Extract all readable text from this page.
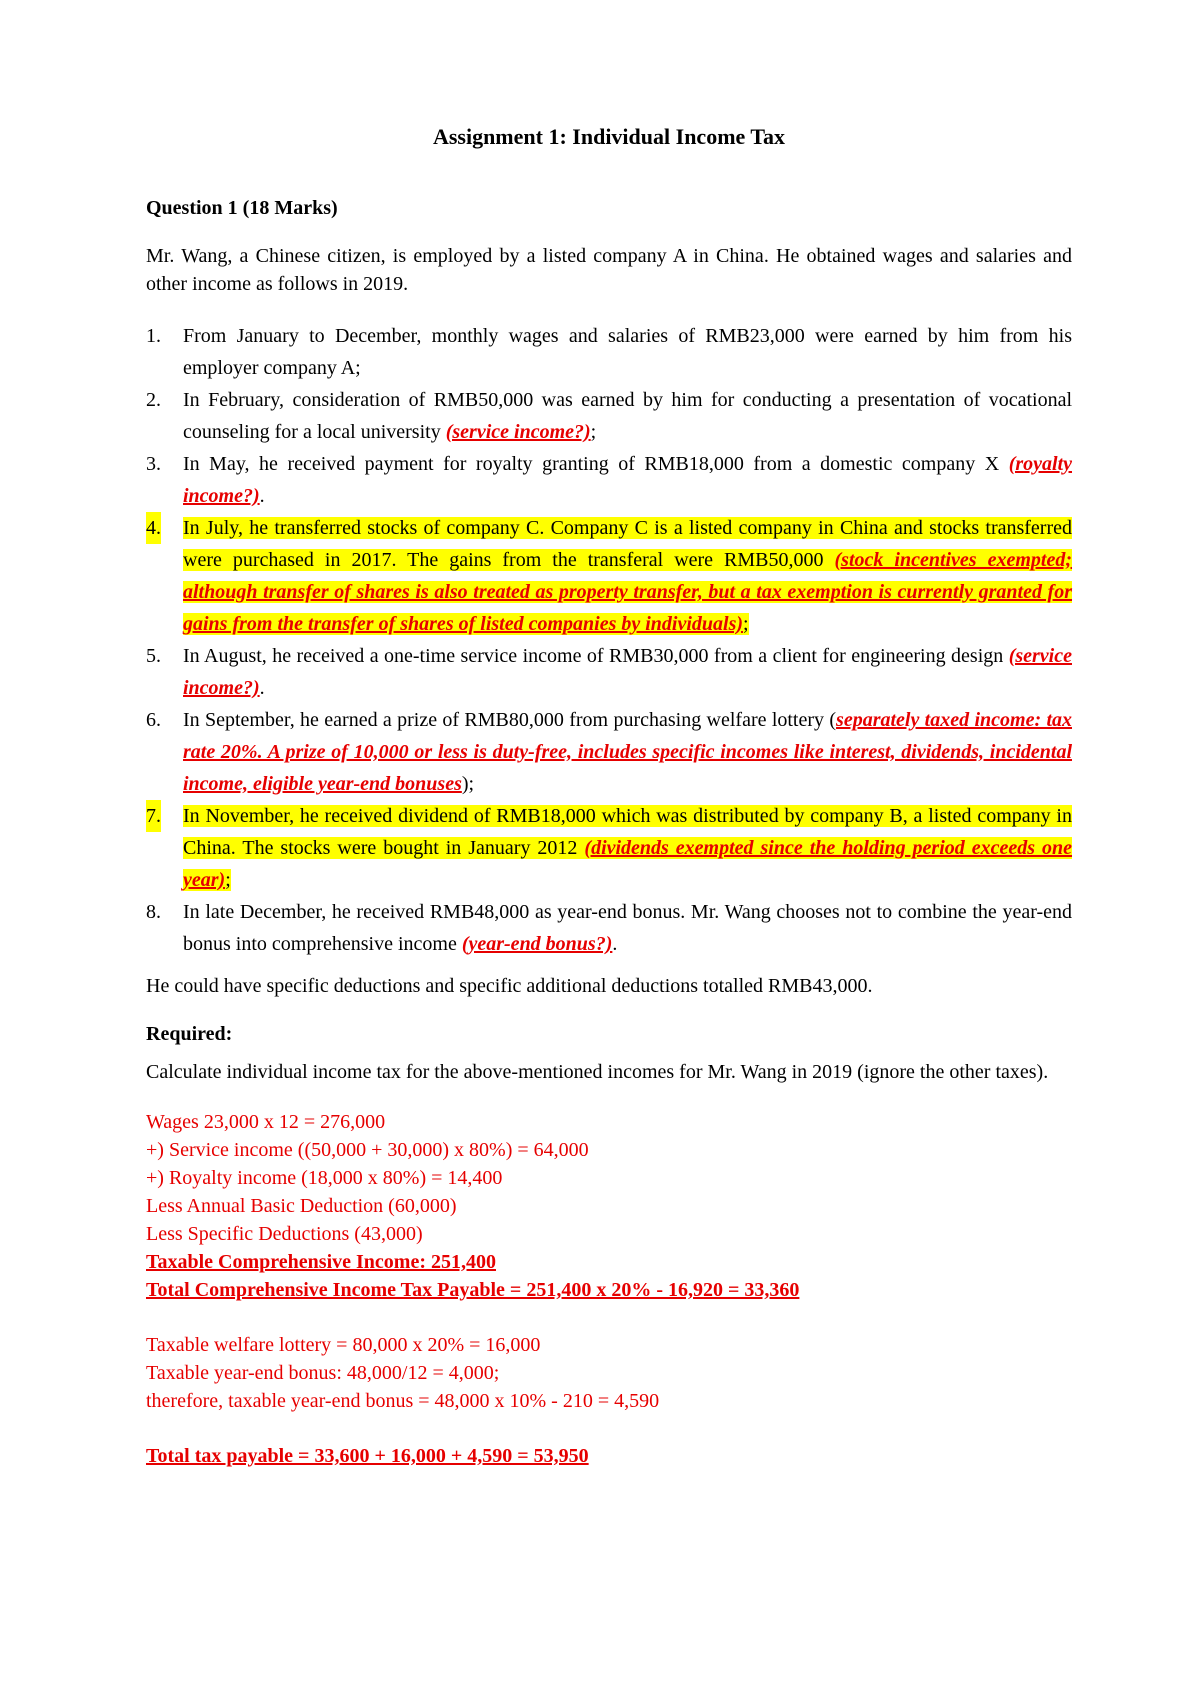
Assignment 1: Individual Income Tax

Question 1 (18 Marks)

Mr. Wang, a Chinese citizen, is employed by a listed company A in China. He obtained wages and salaries and other income as follows in 2019.

1. From January to December, monthly wages and salaries of RMB23,000 were earned by him from his employer company A;
2. In February, consideration of RMB50,000 was earned by him for conducting a presentation of vocational counseling for a local university (service income?);
3. In May, he received payment for royalty granting of RMB18,000 from a domestic company X (royalty income?).
4. In July, he transferred stocks of company C. Company C is a listed company in China and stocks transferred were purchased in 2017. The gains from the transferal were RMB50,000 (stock incentives exempted; although transfer of shares is also treated as property transfer, but a tax exemption is currently granted for gains from the transfer of shares of listed companies by individuals);
5. In August, he received a one-time service income of RMB30,000 from a client for engineering design (service income?).
6. In September, he earned a prize of RMB80,000 from purchasing welfare lottery (separately taxed income: tax rate 20%. A prize of 10,000 or less is duty-free, includes specific incomes like interest, dividends, incidental income, eligible year-end bonuses);
7. In November, he received dividend of RMB18,000 which was distributed by company B, a listed company in China. The stocks were bought in January 2012 (dividends exempted since the holding period exceeds one year);
8. In late December, he received RMB48,000 as year-end bonus. Mr. Wang chooses not to combine the year-end bonus into comprehensive income (year-end bonus?).

He could have specific deductions and specific additional deductions totalled RMB43,000.

Required:

Calculate individual income tax for the above-mentioned incomes for Mr. Wang in 2019 (ignore the other taxes).

Wages 23,000 x 12 = 276,000
+) Service income ((50,000 + 30,000) x 80%) = 64,000
+) Royalty income (18,000 x 80%) = 14,400
Less Annual Basic Deduction (60,000)
Less Specific Deductions (43,000)
Taxable Comprehensive Income: 251,400
Total Comprehensive Income Tax Payable = 251,400 x 20% - 16,920 = 33,360
Taxable welfare lottery = 80,000 x 20% = 16,000
Taxable year-end bonus: 48,000/12 = 4,000;
therefore, taxable year-end bonus = 48,000 x 10% - 210 = 4,590
Total tax payable = 33,600 + 16,000 + 4,590 = 53,950
